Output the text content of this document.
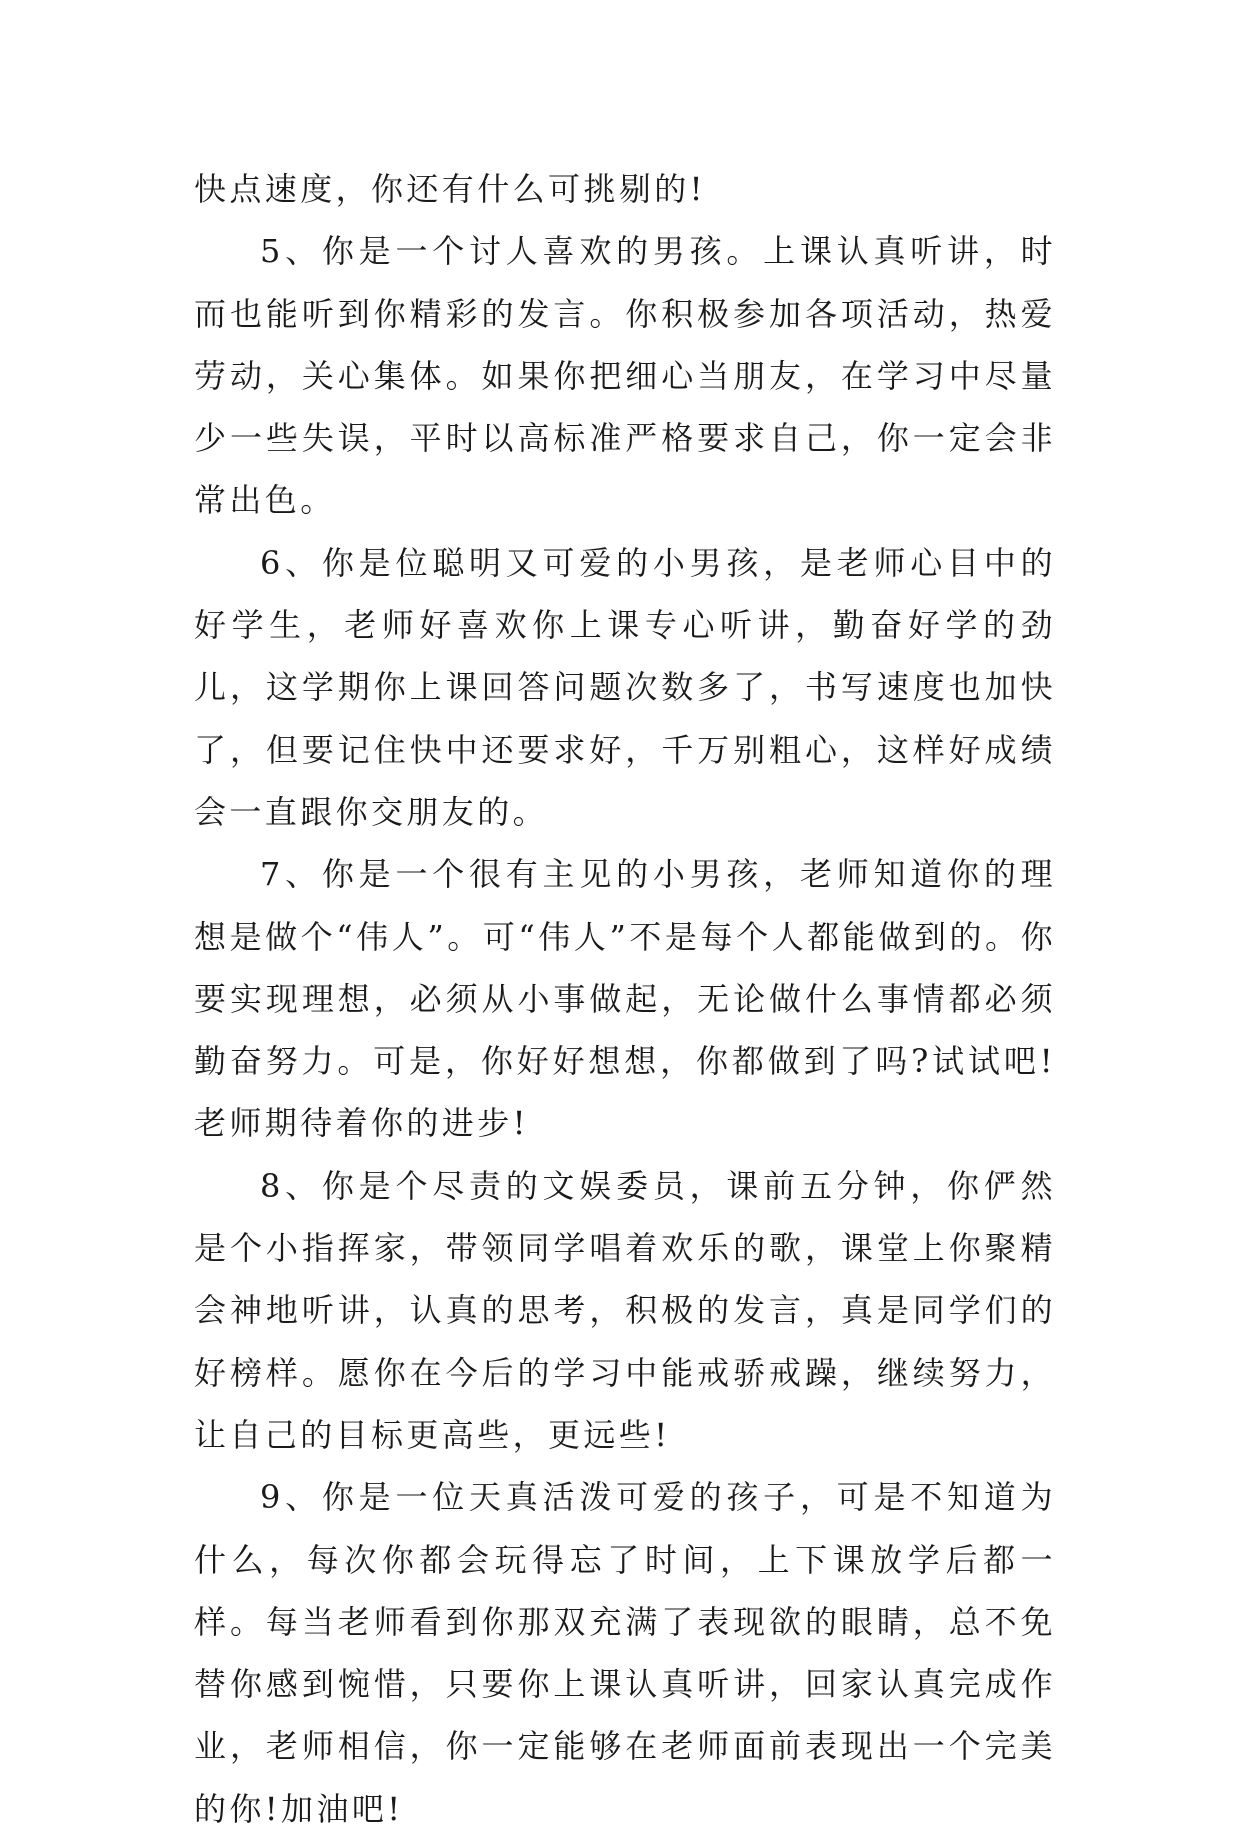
快点速度，你还有什么可挑剔的!

5、你是一个讨人喜欢的男孩。上课认真听讲，时而也能听到你精彩的发言。你积极参加各项活动，热爱劳动，关心集体。如果你把细心当朋友，在学习中尽量少一些失误，平时以高标准严格要求自己，你一定会非常出色。

6、你是位聪明又可爱的小男孩，是老师心目中的好学生，老师好喜欢你上课专心听讲，勤奋好学的劲儿，这学期你上课回答问题次数多了，书写速度也加快了，但要记住快中还要求好，千万别粗心，这样好成绩会一直跟你交朋友的。

7、你是一个很有主见的小男孩，老师知道你的理想是做个“伟人”。可“伟人”不是每个人都能做到的。你要实现理想，必须从小事做起，无论做什么事情都必须勤奋努力。可是，你好好想想，你都做到了吗?试试吧!老师期待着你的进步!

8、你是个尽责的文娱委员，课前五分钟，你俨然是个小指挥家，带领同学唱着欢乐的歌，课堂上你聚精会神地听讲，认真的思考，积极的发言，真是同学们的好榜样。愿你在今后的学习中能戒骄戒躁，继续努力，让自己的目标更高些，更远些!

9、你是一位天真活泼可爱的孩子，可是不知道为什么，每次你都会玩得忘了时间，上下课放学后都一样。每当老师看到你那双充满了表现欲的眼睛，总不免替你感到惋惜，只要你上课认真听讲，回家认真完成作业，老师相信，你一定能够在老师面前表现出一个完美的你!加油吧!
